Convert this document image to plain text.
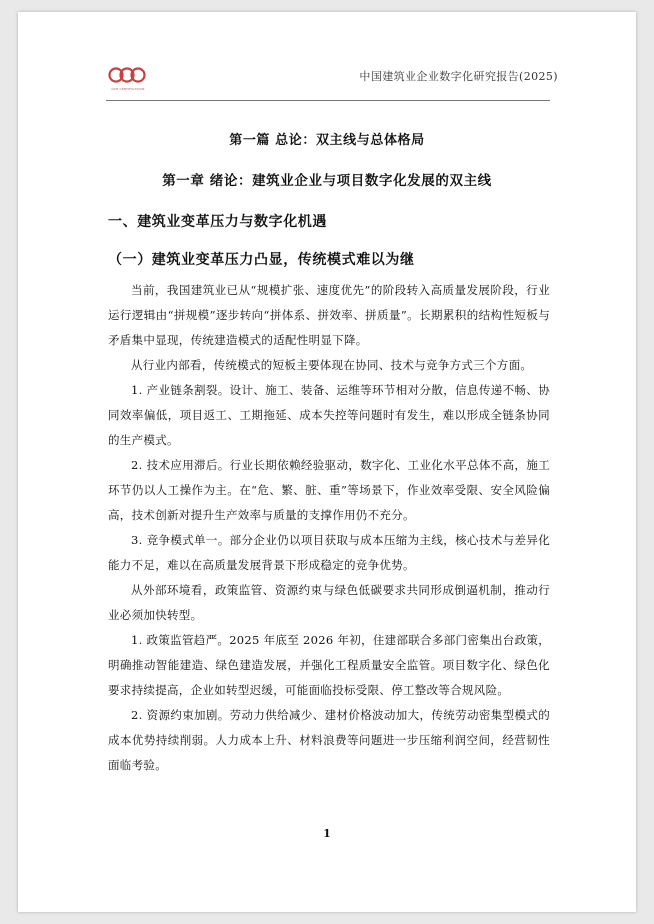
OCE CERTIFICATION
中国建筑业企业数字化研究报告(2025)
第一篇 总论：双主线与总体格局
第一章 绪论：建筑业企业与项目数字化发展的双主线
一、建筑业变革压力与数字化机遇
（一）建筑业变革压力凸显，传统模式难以为继

当前，我国建筑业已从“规模扩张、速度优先”的阶段转入高质量发展阶段，行业运行逻辑由“拼规模”逐步转向“拼体系、拼效率、拼质量”。长期累积的结构性短板与矛盾集中显现，传统建造模式的适配性明显下降。

从行业内部看，传统模式的短板主要体现在协同、技术与竞争方式三个方面。

1. 产业链条割裂。设计、施工、装备、运维等环节相对分散，信息传递不畅、协同效率偏低，项目返工、工期拖延、成本失控等问题时有发生，难以形成全链条协同的生产模式。

2. 技术应用滞后。行业长期依赖经验驱动，数字化、工业化水平总体不高，施工环节仍以人工操作为主。在“危、繁、脏、重”等场景下，作业效率受限、安全风险偏高，技术创新对提升生产效率与质量的支撑作用仍不充分。

3. 竞争模式单一。部分企业仍以项目获取与成本压缩为主线，核心技术与差异化能力不足，难以在高质量发展背景下形成稳定的竞争优势。

从外部环境看，政策监管、资源约束与绿色低碳要求共同形成倒逼机制，推动行业必须加快转型。

1. 政策监管趋严。2025 年底至 2026 年初，住建部联合多部门密集出台政策，明确推动智能建造、绿色建造发展，并强化工程质量安全监管。项目数字化、绿色化要求持续提高，企业如转型迟缓，可能面临投标受限、停工整改等合规风险。

2. 资源约束加剧。劳动力供给减少、建材价格波动加大，传统劳动密集型模式的成本优势持续削弱。人力成本上升、材料浪费等问题进一步压缩利润空间，经营韧性面临考验。

1
